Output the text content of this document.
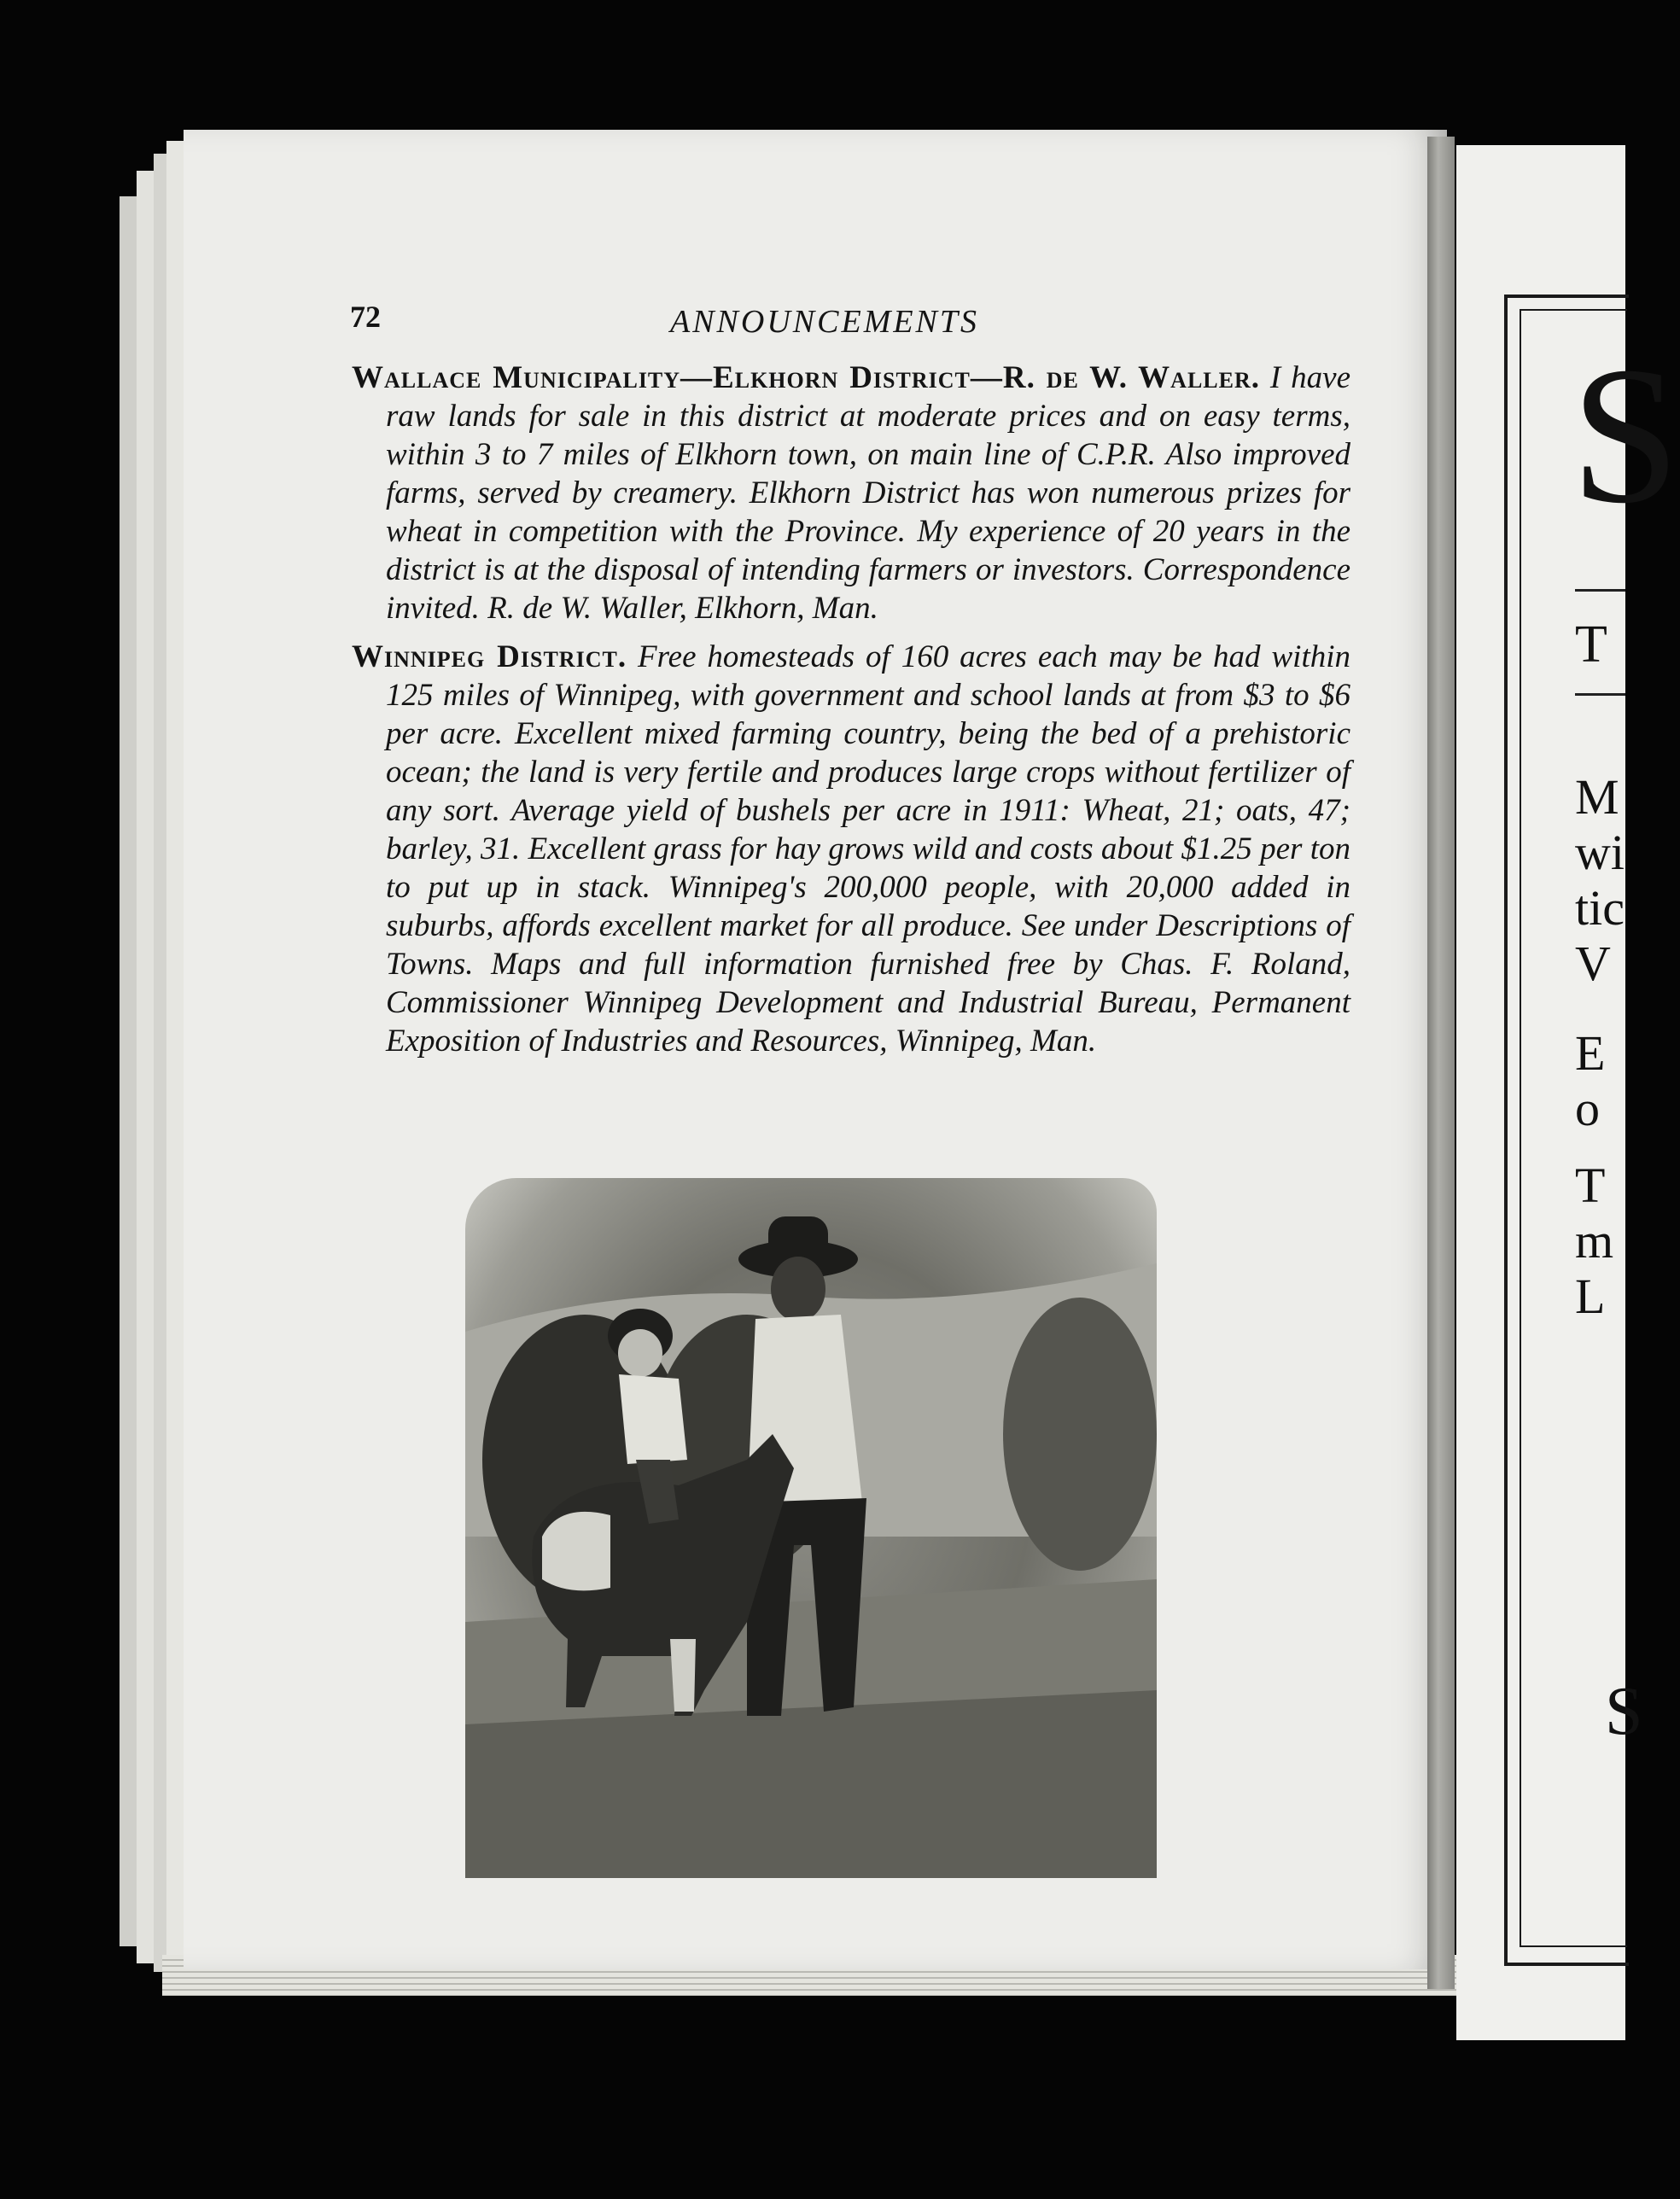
72	ANNOUNCEMENTS

Wallace Municipality—Elkhorn District—R. de W. Waller. I have raw lands for sale in this district at moderate prices and on easy terms, within 3 to 7 miles of Elkhorn town, on main line of C.P.R. Also improved farms, served by creamery. Elkhorn District has won numerous prizes for wheat in competition with the Province. My experience of 20 years in the district is at the disposal of intending farmers or investors. Correspondence invited. R. de W. Waller, Elkhorn, Man.

Winnipeg District. Free homesteads of 160 acres each may be had within 125 miles of Winnipeg, with government and school lands at from $3 to $6 per acre. Excellent mixed farming country, being the bed of a prehistoric ocean; the land is very fertile and produces large crops without fertilizer of any sort. Average yield of bushels per acre in 1911: Wheat, 21; oats, 47; barley, 31. Excellent grass for hay grows wild and costs about $1.25 per ton to put up in stack. Winnipeg's 200,000 people, with 20,000 added in suburbs, affords excellent market for all produce. See under Descriptions of Towns. Maps and full information furnished free by Chas. F. Roland, Commissioner Winnipeg Development and Industrial Bureau, Permanent Exposition of Industries and Resources, Winnipeg, Man.

S
T
M
wi
tic
V
E
o
T
m
L
S
